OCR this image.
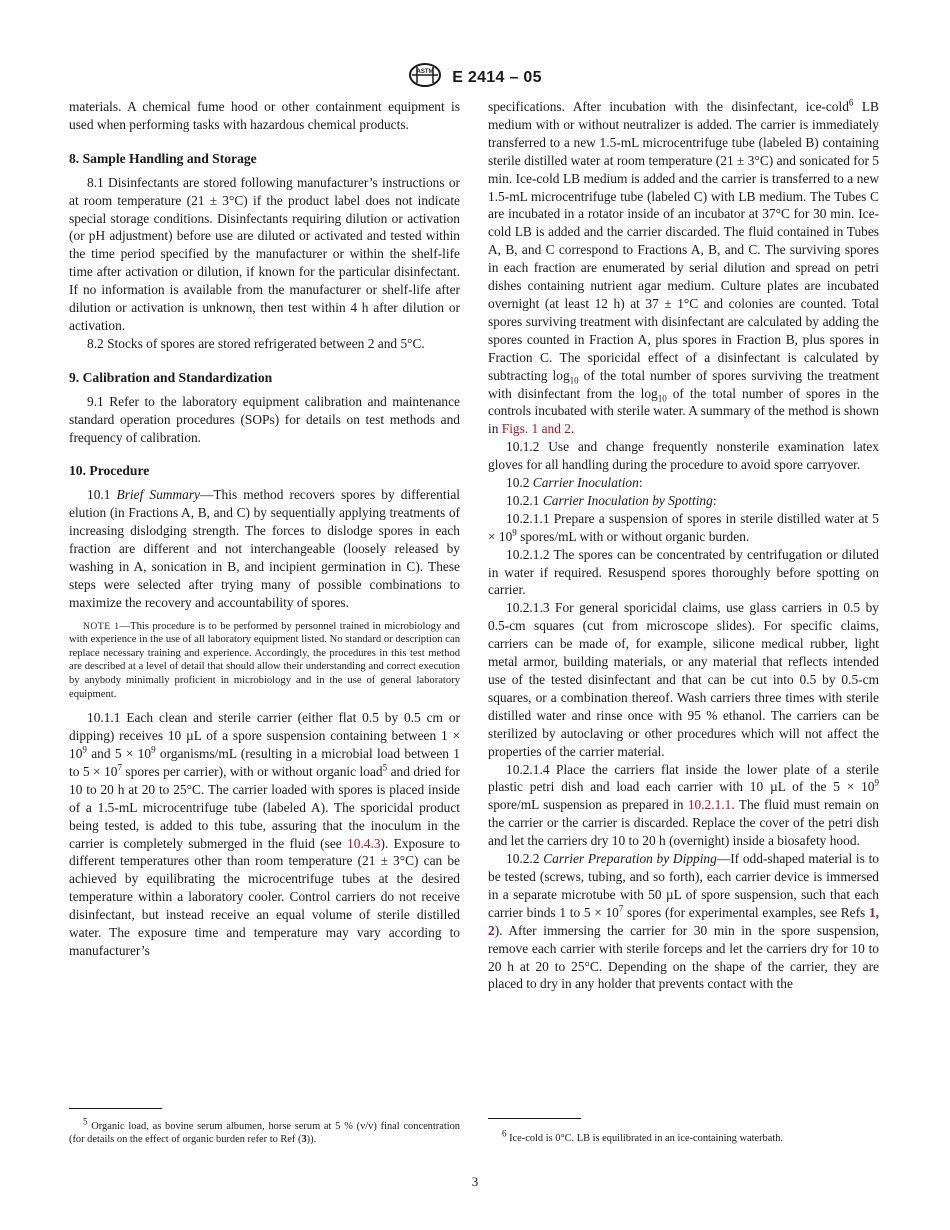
ASTM E 2414 – 05

materials. A chemical fume hood or other containment equipment is used when performing tasks with hazardous chemical products.

8. Sample Handling and Storage

8.1 Disinfectants are stored following manufacturer’s instructions or at room temperature (21 ± 3°C) if the product label does not indicate special storage conditions. Disinfectants requiring dilution or activation (or pH adjustment) before use are diluted or activated and tested within the time period specified by the manufacturer or within the shelf-life time after activation or dilution, if known for the particular disinfectant. If no information is available from the manufacturer or shelf-life after dilution or activation is unknown, then test within 4 h after dilution or activation.

8.2 Stocks of spores are stored refrigerated between 2 and 5°C.

9. Calibration and Standardization

9.1 Refer to the laboratory equipment calibration and maintenance standard operation procedures (SOPs) for details on test methods and frequency of calibration.

10. Procedure

10.1 Brief Summary—This method recovers spores by differential elution (in Fractions A, B, and C) by sequentially applying treatments of increasing dislodging strength. The forces to dislodge spores in each fraction are different and not interchangeable (loosely released by washing in A, sonication in B, and incipient germination in C). These steps were selected after trying many of possible combinations to maximize the recovery and accountability of spores.

NOTE 1—This procedure is to be performed by personnel trained in microbiology and with experience in the use of all laboratory equipment listed. No standard or description can replace necessary training and experience. Accordingly, the procedures in this test method are described at a level of detail that should allow their understanding and correct execution by anybody minimally proficient in microbiology and in the use of general laboratory equipment.

10.1.1 Each clean and sterile carrier (either flat 0.5 by 0.5 cm or dipping) receives 10 µL of a spore suspension containing between $1 \times 10^9$ and $5 \times 10^9$ organisms/mL (resulting in a microbial load between 1 to $5 \times 10^7$ spores per carrier), with or without organic load$^5$ and dried for 10 to 20 h at 20 to 25°C. The carrier loaded with spores is placed inside of a 1.5-mL microcentrifuge tube (labeled A). The sporicidal product being tested, is added to this tube, assuring that the inoculum in the carrier is completely submerged in the fluid (see 10.4.3). Exposure to different temperatures other than room temperature (21 ± 3°C) can be achieved by equilibrating the microcentrifuge tubes at the desired temperature within a laboratory cooler. Control carriers do not receive disinfectant, but instead receive an equal volume of sterile distilled water. The exposure time and temperature may vary according to manufacturer’s

$^5$ Organic load, as bovine serum albumen, horse serum at 5 % (v/v) final concentration (for details on the effect of organic burden refer to Ref (3)).

specifications. After incubation with the disinfectant, ice-cold$^6$ LB medium with or without neutralizer is added. The carrier is immediately transferred to a new 1.5-mL microcentrifuge tube (labeled B) containing sterile distilled water at room temperature (21 ± 3°C) and sonicated for 5 min. Ice-cold LB medium is added and the carrier is transferred to a new 1.5-mL microcentrifuge tube (labeled C) with LB medium. The Tubes C are incubated in a rotator inside of an incubator at 37°C for 30 min. Ice-cold LB is added and the carrier discarded. The fluid contained in Tubes A, B, and C correspond to Fractions A, B, and C. The surviving spores in each fraction are enumerated by serial dilution and spread on petri dishes containing nutrient agar medium. Culture plates are incubated overnight (at least 12 h) at 37 ± 1°C and colonies are counted. Total spores surviving treatment with disinfectant are calculated by adding the spores counted in Fraction A, plus spores in Fraction B, plus spores in Fraction C. The sporicidal effect of a disinfectant is calculated by subtracting $\log_{10}$ of the total number of spores surviving the treatment with disinfectant from the $\log_{10}$ of the total number of spores in the controls incubated with sterile water. A summary of the method is shown in Figs. 1 and 2.

10.1.2 Use and change frequently nonsterile examination latex gloves for all handling during the procedure to avoid spore carryover.

10.2 Carrier Inoculation:

10.2.1 Carrier Inoculation by Spotting:

10.2.1.1 Prepare a suspension of spores in sterile distilled water at $5 \times 10^9$ spores/mL with or without organic burden.

10.2.1.2 The spores can be concentrated by centrifugation or diluted in water if required. Resuspend spores thoroughly before spotting on carrier.

10.2.1.3 For general sporicidal claims, use glass carriers in 0.5 by 0.5-cm squares (cut from microscope slides). For specific claims, carriers can be made of, for example, silicone medical rubber, light metal armor, building materials, or any material that reflects intended use of the tested disinfectant and that can be cut into 0.5 by 0.5-cm squares, or a combination thereof. Wash carriers three times with sterile distilled water and rinse once with 95 % ethanol. The carriers can be sterilized by autoclaving or other procedures which will not affect the properties of the carrier material.

10.2.1.4 Place the carriers flat inside the lower plate of a sterile plastic petri dish and load each carrier with 10 µL of the $5 \times 10^9$ spore/mL suspension as prepared in 10.2.1.1. The fluid must remain on the carrier or the carrier is discarded. Replace the cover of the petri dish and let the carriers dry 10 to 20 h (overnight) inside a biosafety hood.

10.2.2 Carrier Preparation by Dipping—If odd-shaped material is to be tested (screws, tubing, and so forth), each carrier device is immersed in a separate microtube with 50 µL of spore suspension, such that each carrier binds 1 to $5 \times 10^7$ spores (for experimental examples, see Refs 1, 2). After immersing the carrier for 30 min in the spore suspension, remove each carrier with sterile forceps and let the carriers dry for 10 to 20 h at 20 to 25°C. Depending on the shape of the carrier, they are placed to dry in any holder that prevents contact with the

$^6$ Ice-cold is 0°C. LB is equilibrated in an ice-containing waterbath.

3
